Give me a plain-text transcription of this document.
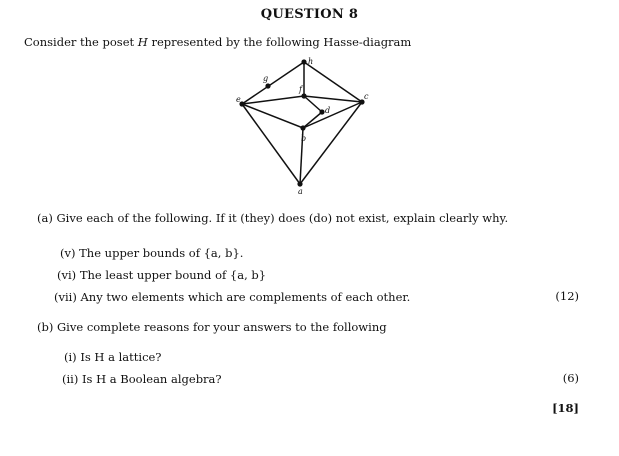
QUESTION 8
Consider the poset H represented by the following Hasse-diagram
h
g
e
f
c
d
b
a
(a) Give each of the following. If it (they) does (do) not exist, explain clearly why.
(v) The upper bounds of {a, b}.
(vi) The least upper bound of {a, b}
(vii) Any two elements which are complements of each other.	(12)
(b) Give complete reasons for your answers to the following
(i) Is H a lattice?
(ii) Is H a Boolean algebra?	(6)
[18]
